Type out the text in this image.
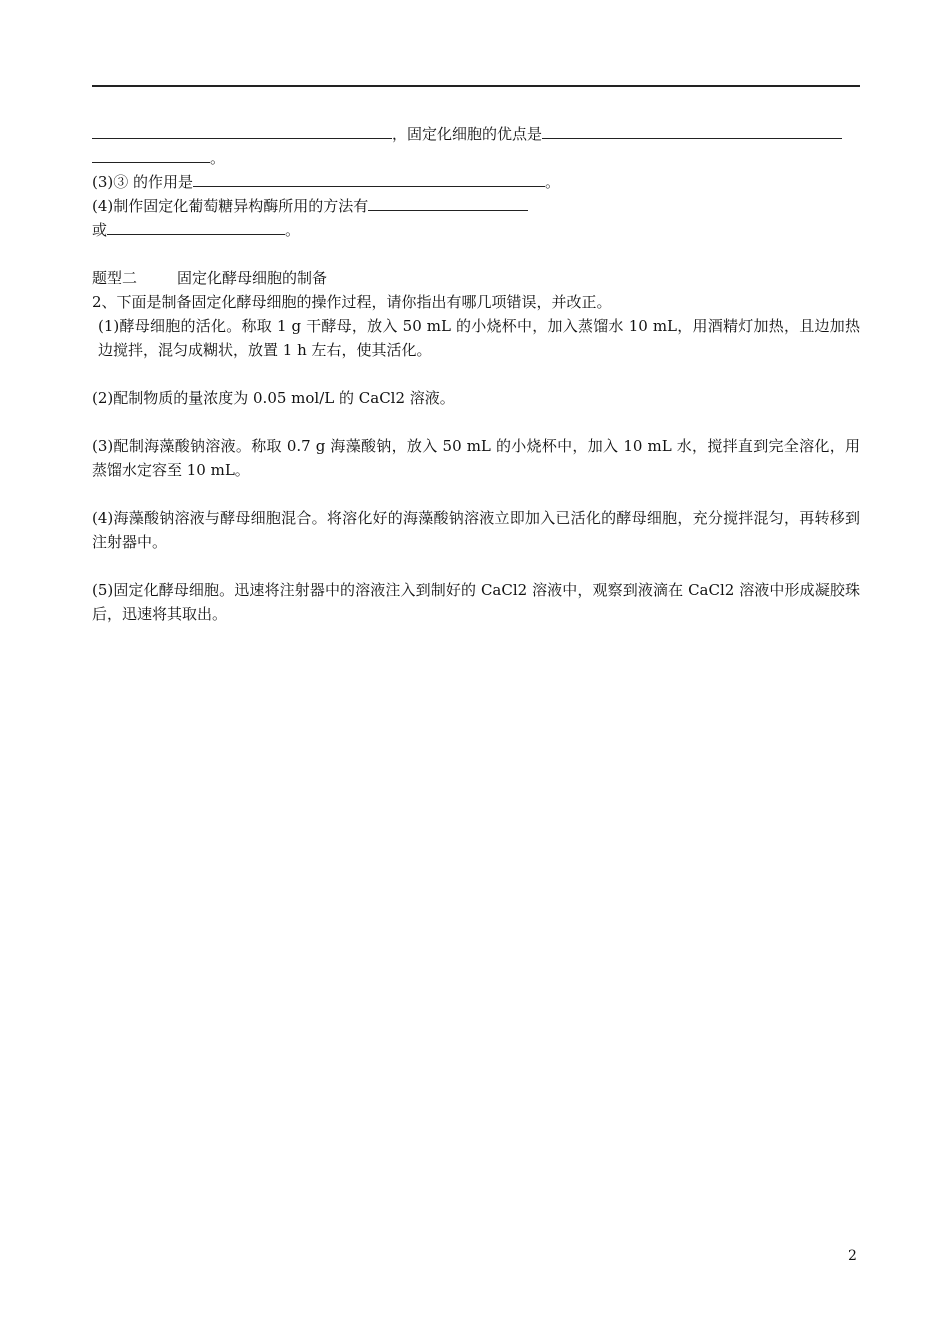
，固定化细胞的优点是
。
(3)③ 的作用是	。
(4)制作固定化葡萄糖异构酶所用的方法有
或	。
题型二	固定化酵母细胞的制备
2、下面是制备固定化酵母细胞的操作过程，请你指出有哪几项错误，并改正。
(1)酵母细胞的活化。称取 1 g 干酵母，放入 50 mL 的小烧杯中，加入蒸馏水 10 mL，用酒精灯加热，且边加热边搅拌，混匀成糊状，放置 1 h 左右，使其活化。
(2)配制物质的量浓度为 0.05 mol/L 的 CaCl2 溶液。
(3)配制海藻酸钠溶液。称取 0.7 g 海藻酸钠，放入 50 mL 的小烧杯中，加入 10 mL 水，搅拌直到完全溶化，用蒸馏水定容至 10 mL。
(4)海藻酸钠溶液与酵母细胞混合。将溶化好的海藻酸钠溶液立即加入已活化的酵母细胞，充分搅拌混匀，再转移到注射器中。
(5)固定化酵母细胞。迅速将注射器中的溶液注入到制好的 CaCl2 溶液中，观察到液滴在 CaCl2 溶液中形成凝胶珠后，迅速将其取出。
2
